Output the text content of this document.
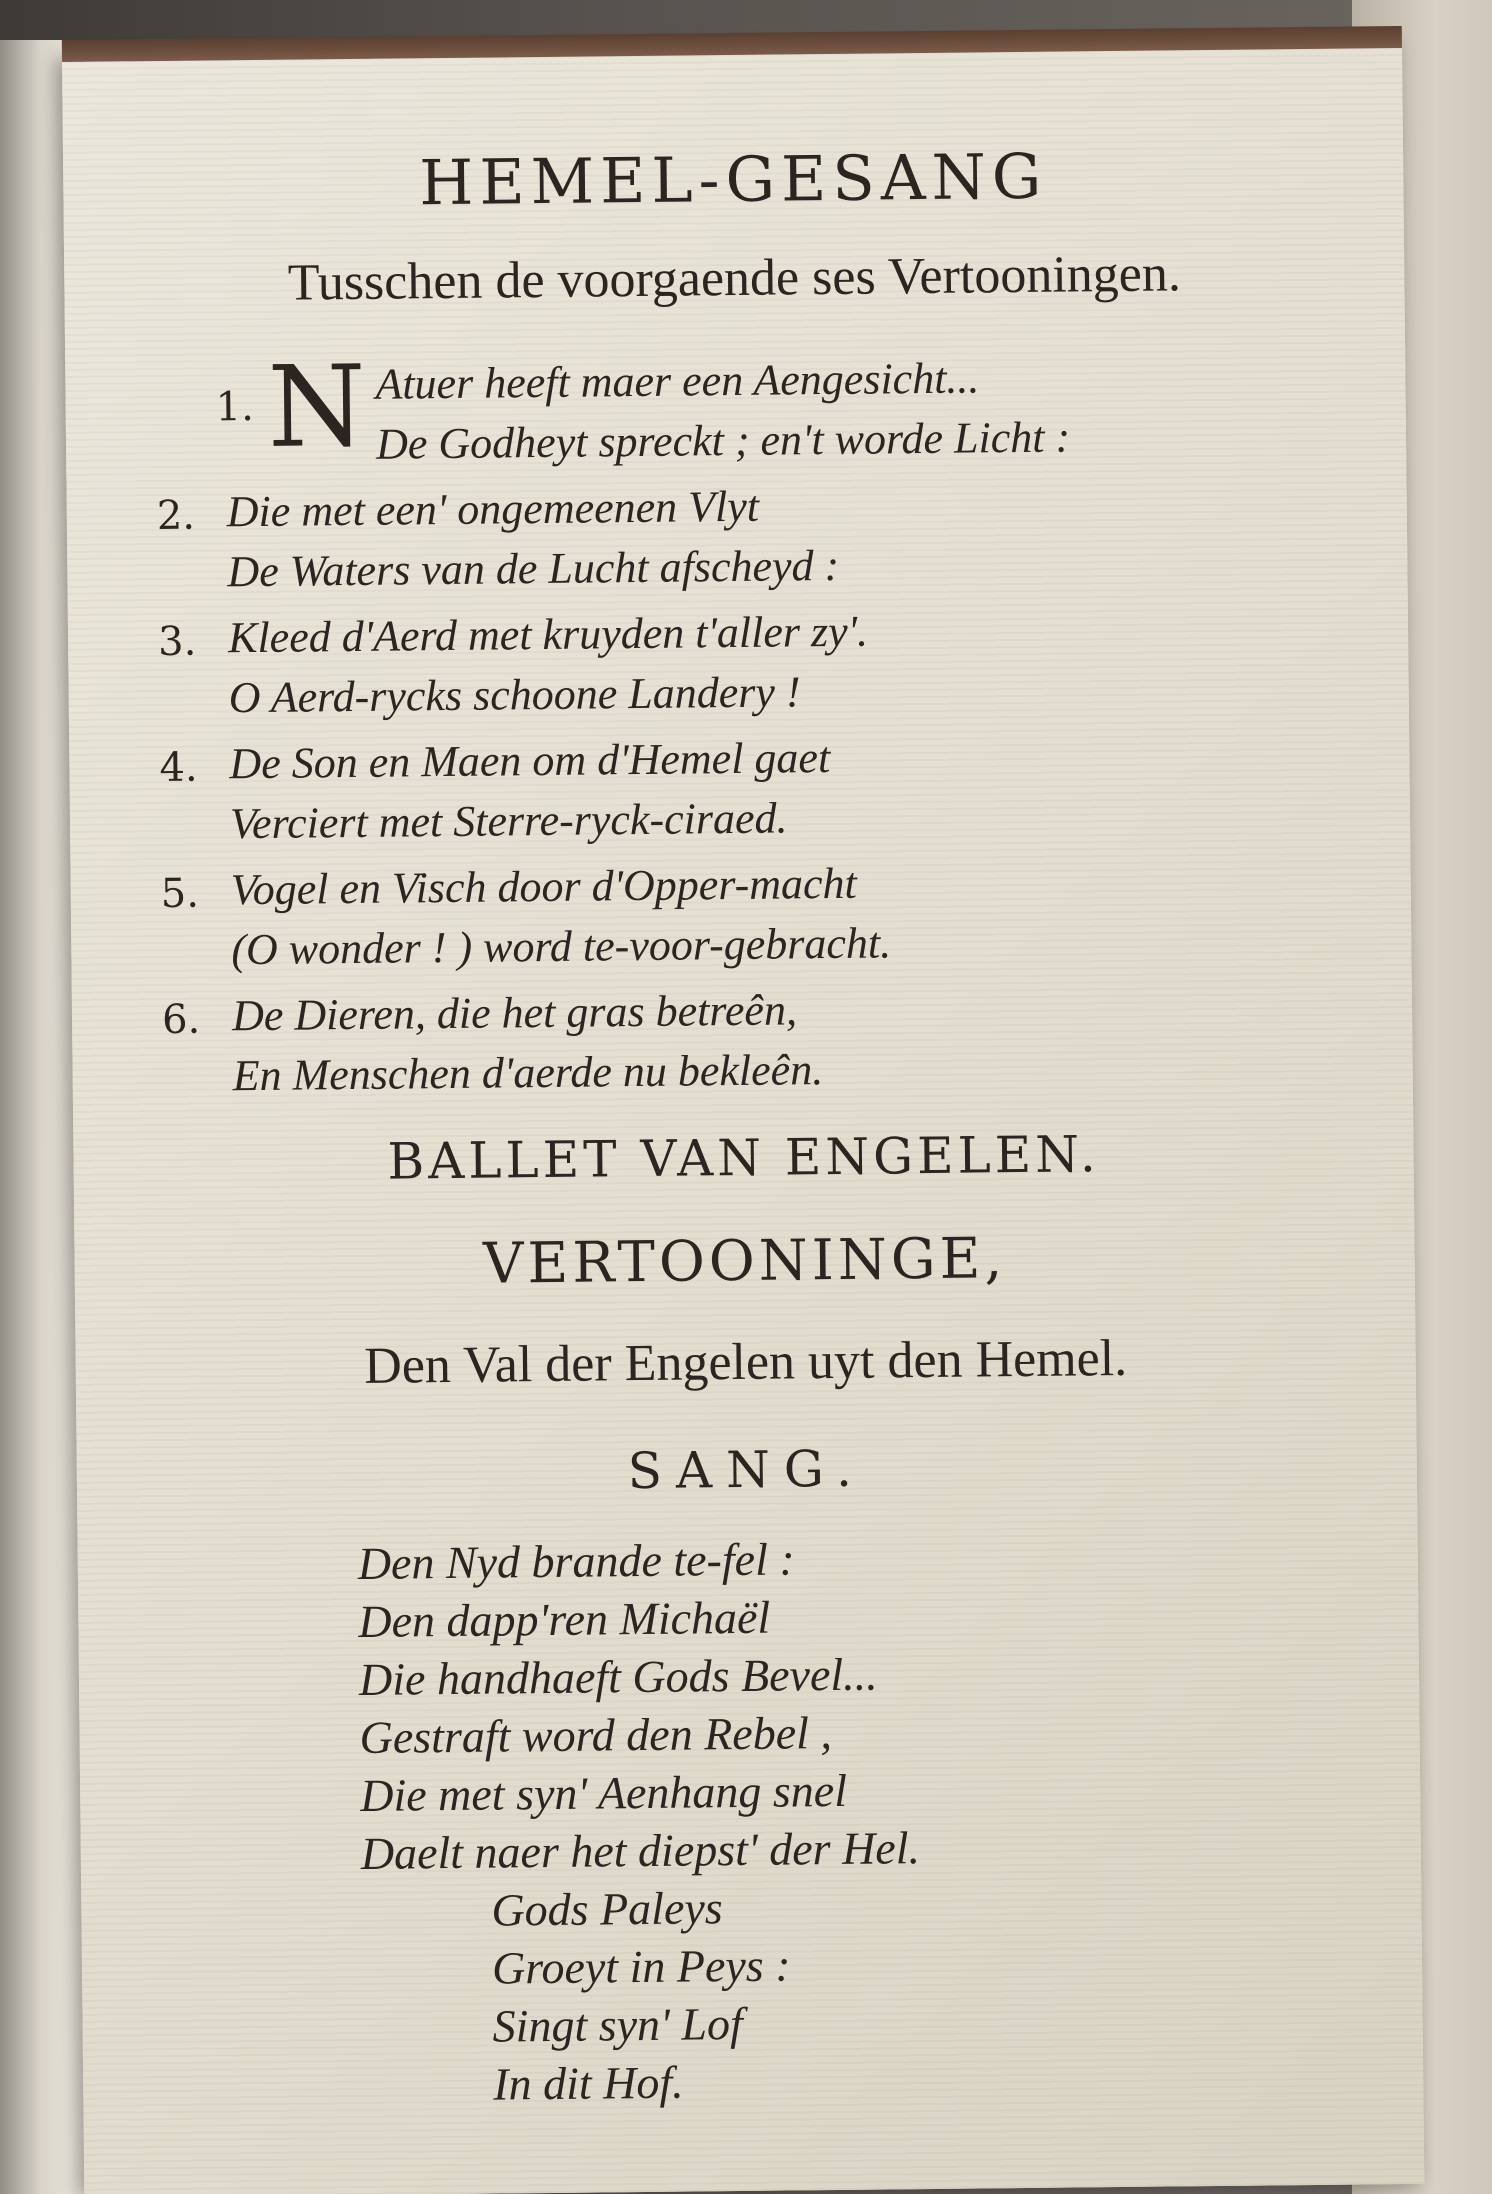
HEMEL-GESANG
Tusschen de voorgaende ses Vertooningen.
1. N Atuer heeft maer een Aengesicht...
De Godheyt spreckt ; en't worde Licht :
2. Die met een' ongemeenen Vlyt
De Waters van de Lucht afscheyd :
3. Kleed d'Aerd met kruyden t'aller zy'.
O Aerd-rycks schoone Landery !
4. De Son en Maen om d'Hemel gaet
Verciert met Sterre-ryck-ciraed.
5. Vogel en Visch door d'Opper-macht
(O wonder ! ) word te-voor-gebracht.
6. De Dieren, die het gras betreên,
En Menschen d'aerde nu bekleên.
BALLET VAN ENGELEN.
VERTOONINGE,
Den Val der Engelen uyt den Hemel.
SANG.
Den Nyd brande te-fel :
Den dapp'ren Michaël
Die handhaeft Gods Bevel...
Gestraft word den Rebel ,
Die met syn' Aenhang snel
Daelt naer het diepst' der Hel.
Gods Paleys
Groeyt in Peys :
Singt syn' Lof
In dit Hof.
